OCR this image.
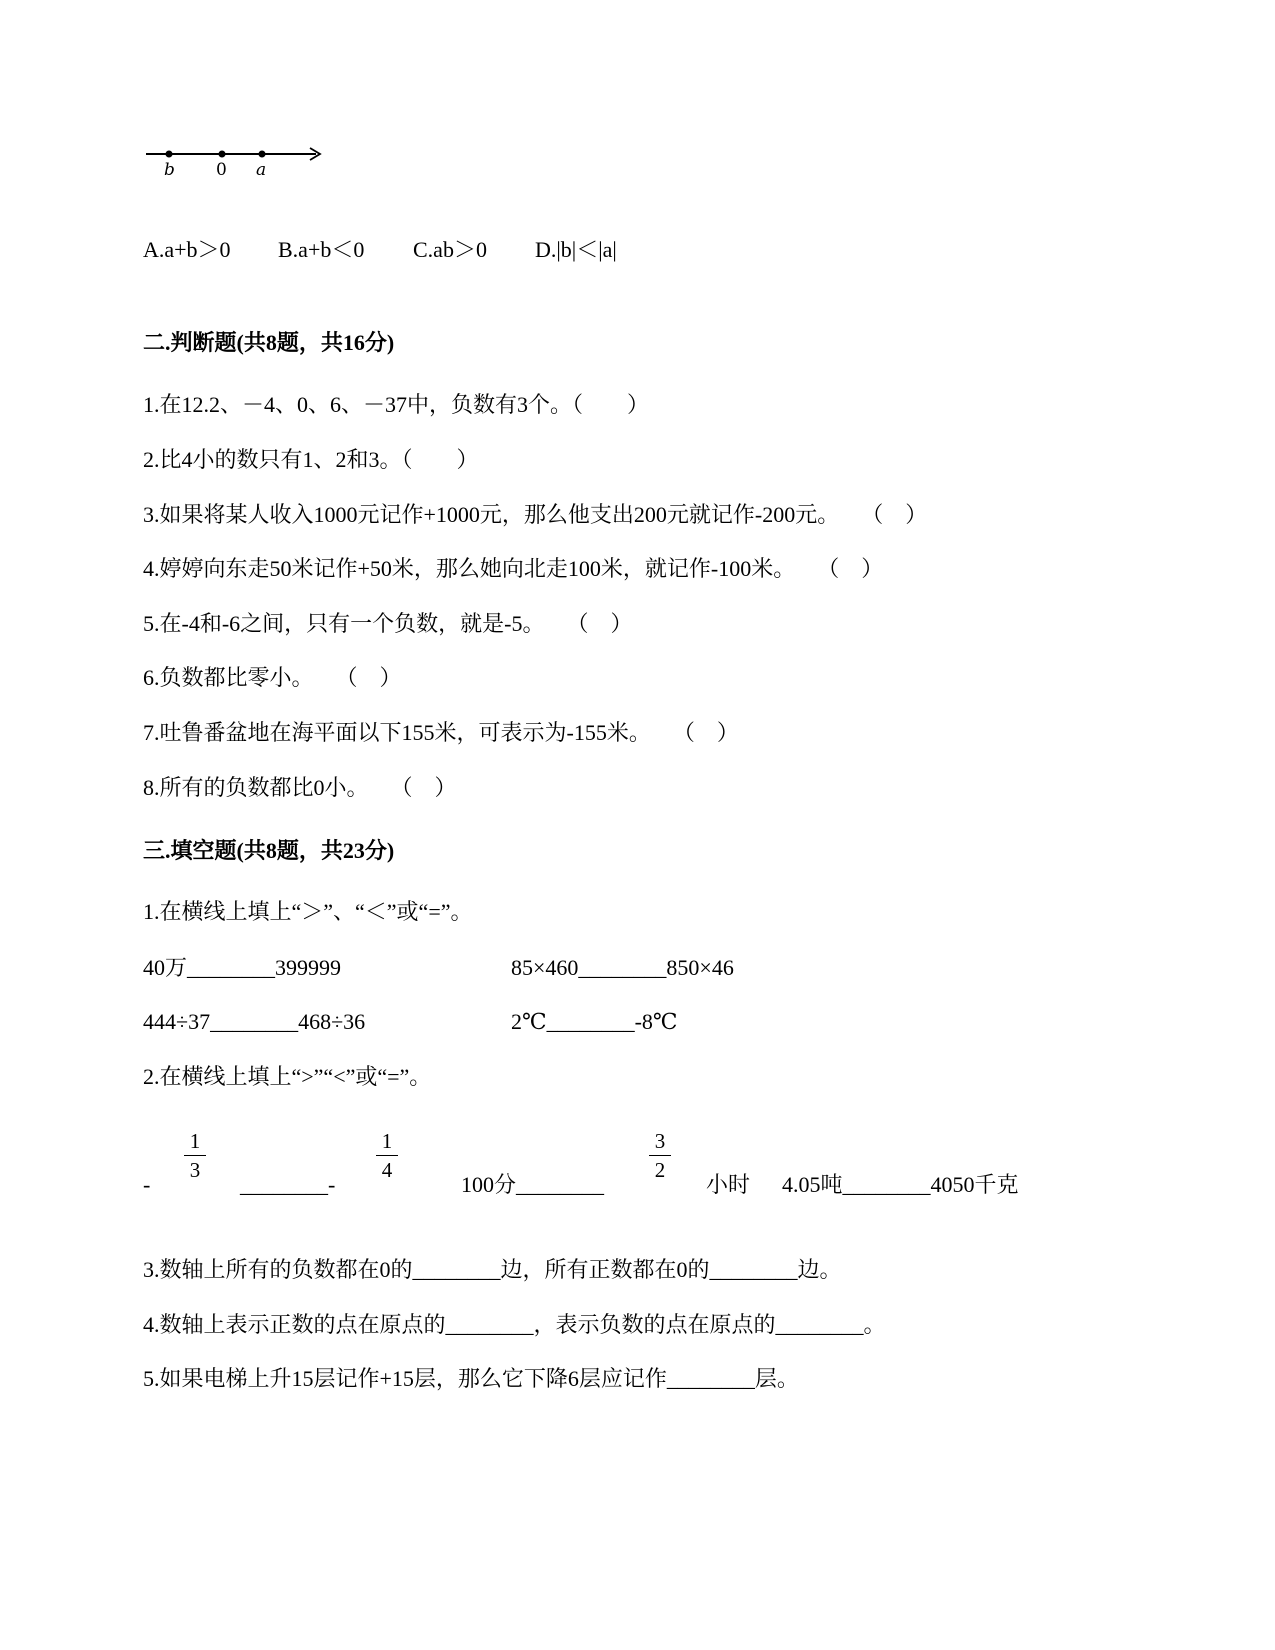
b 0 a
A.a+b＞0 B.a+b＜0 C.ab＞0 D.|b|＜|a|
二.判断题(共8题，共16分)
1.在12.2、－4、0、6、－37中，负数有3个。（　　）
2.比4小的数只有1、2和3。（　　）
3.如果将某人收入1000元记作+1000元，那么他支出200元就记作-200元。　　（　）
4.婷婷向东走50米记作+50米，那么她向北走100米，就记作-100米。　　（　）
5.在-4和-6之间，只有一个负数，就是-5。　　（　）
6.负数都比零小。　　（　）
7.吐鲁番盆地在海平面以下155米，可表示为-155米。　　（　）
8.所有的负数都比0小。　　（　）
三.填空题(共8题，共23分)
1.在横线上填上“＞”、“＜”或“=”。
40万________399999	85×460________850×46
444÷37________468÷36	2℃________-8℃
2.在横线上填上“>”“<”或“=”。
-
1
3
________-
1
4
100分________
3
2
小时 4.05吨________4050千克
3.数轴上所有的负数都在0的________边，所有正数都在0的________边。
4.数轴上表示正数的点在原点的________，表示负数的点在原点的________。
5.如果电梯上升15层记作+15层，那么它下降6层应记作________层。
